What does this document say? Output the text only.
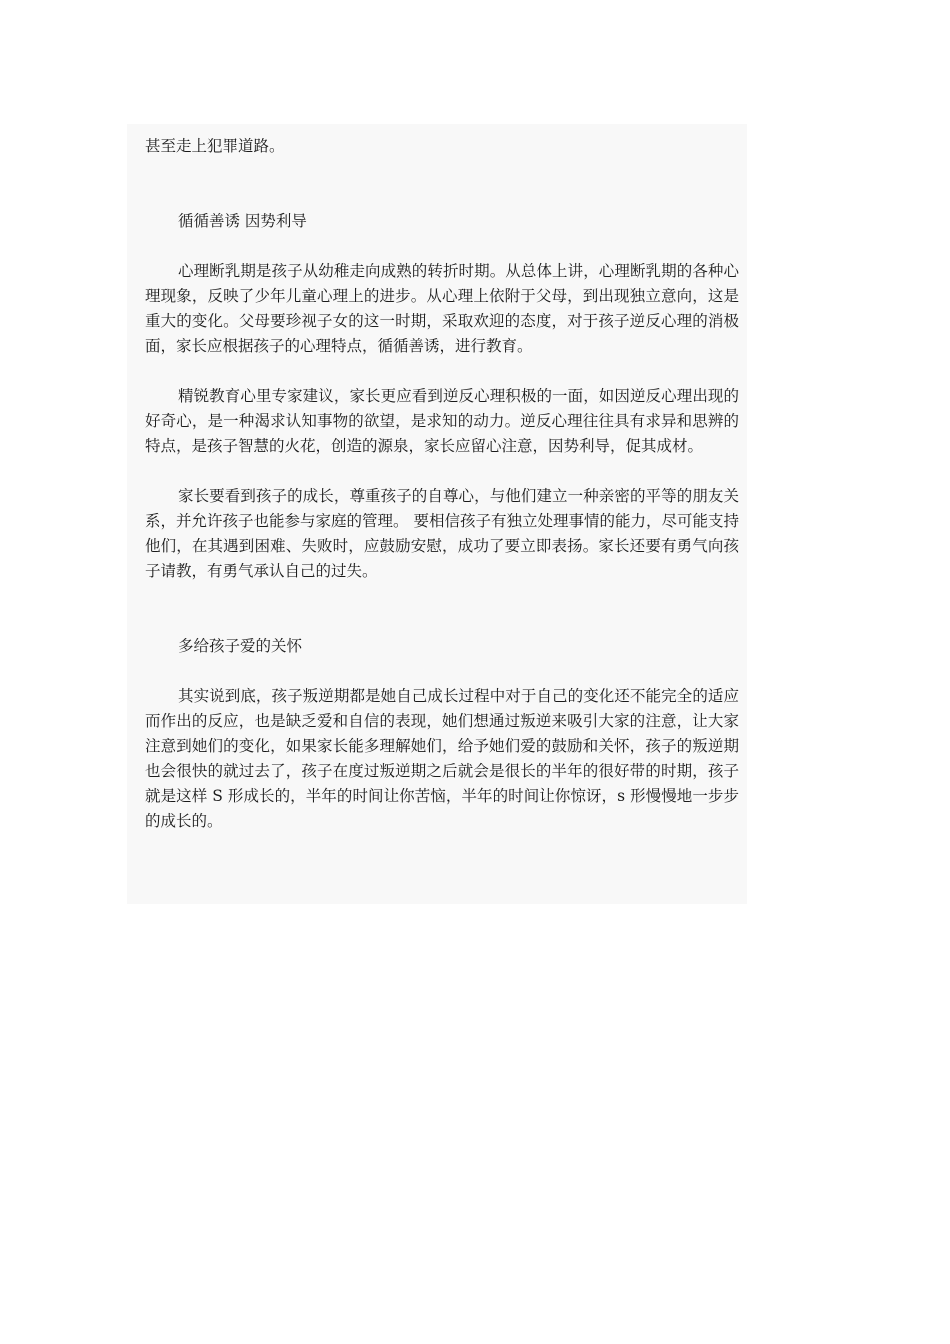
甚至走上犯罪道路。

循循善诱 因势利导

心理断乳期是孩子从幼稚走向成熟的转折时期。从总体上讲，心理断乳期的各种心理现象，反映了少年儿童心理上的进步。从心理上依附于父母，到出现独立意向，这是重大的变化。父母要珍视子女的这一时期，采取欢迎的态度，对于孩子逆反心理的消极面，家长应根据孩子的心理特点，循循善诱，进行教育。

精锐教育心里专家建议，家长更应看到逆反心理积极的一面，如因逆反心理出现的好奇心，是一种渴求认知事物的欲望，是求知的动力。逆反心理往往具有求异和思辨的特点，是孩子智慧的火花，创造的源泉，家长应留心注意，因势利导，促其成材。

家长要看到孩子的成长，尊重孩子的自尊心，与他们建立一种亲密的平等的朋友关系，并允许孩子也能参与家庭的管理。 要相信孩子有独立处理事情的能力，尽可能支持他们，在其遇到困难、失败时，应鼓励安慰，成功了要立即表扬。家长还要有勇气向孩子请教，有勇气承认自己的过失。

多给孩子爱的关怀

其实说到底，孩子叛逆期都是她自己成长过程中对于自己的变化还不能完全的适应而作出的反应，也是缺乏爱和自信的表现，她们想通过叛逆来吸引大家的注意，让大家注意到她们的变化，如果家长能多理解她们，给予她们爱的鼓励和关怀，孩子的叛逆期也会很快的就过去了，孩子在度过叛逆期之后就会是很长的半年的很好带的时期，孩子就是这样 S 形成长的，半年的时间让你苦恼，半年的时间让你惊讶，s 形慢慢地一步步的成长的。
